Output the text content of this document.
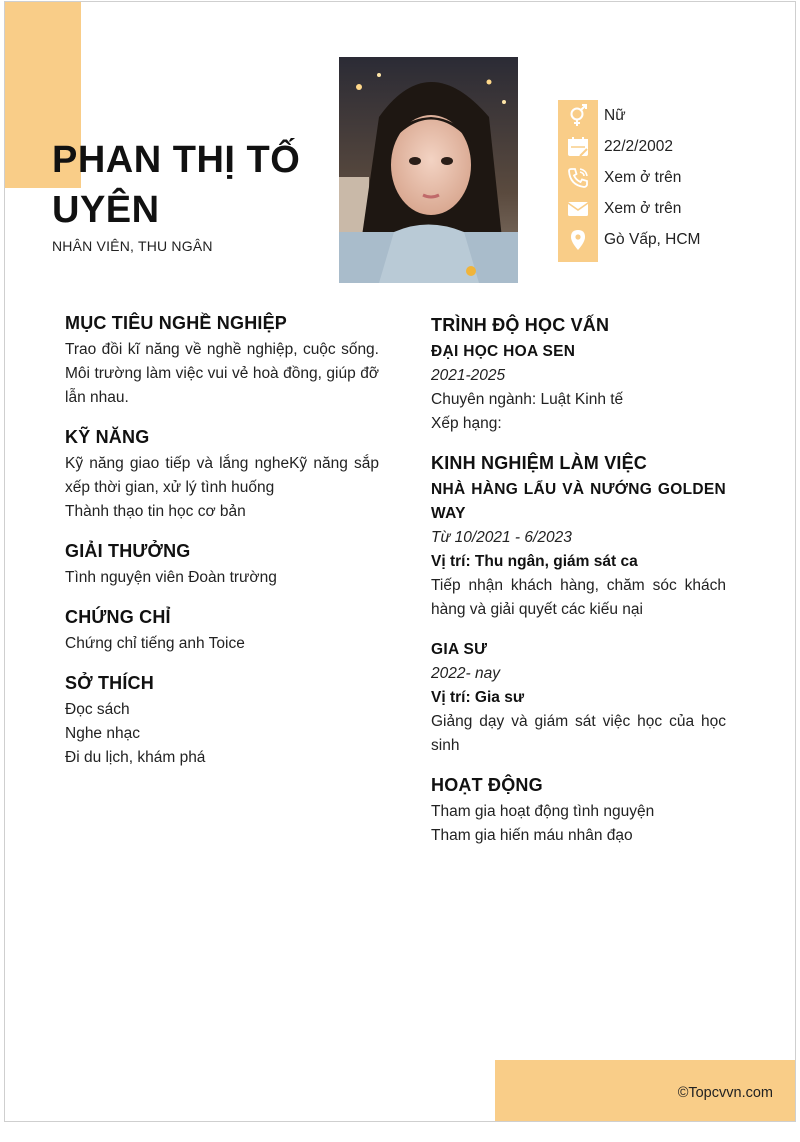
PHAN THỊ TỐ
UYÊN
NHÂN VIÊN, THU NGÂN
Nữ
22/2/2002
Xem ở trên
Xem ở trên
Gò Vấp, HCM
MỤC TIÊU NGHỀ NGHIỆP
Trao đồi kĩ năng về nghề nghiệp, cuộc sống. Môi trường làm việc vui vẻ hoà đồng, giúp đỡ lẫn nhau.
KỸ NĂNG
Kỹ năng giao tiếp và lắng ngheKỹ năng sắp xếp thời gian, xử lý tình huống
Thành thạo tin học cơ bản
GIẢI THƯỞNG
Tình nguyện viên Đoàn trường
CHỨNG CHỈ
Chứng chỉ tiếng anh Toice
SỞ THÍCH
Đọc sách
Nghe nhạc
Đi du lịch, khám phá
TRÌNH ĐỘ HỌC VẤN
ĐẠI HỌC HOA SEN
2021-2025
Chuyên ngành: Luật Kinh tế
Xếp hạng:
KINH NGHIỆM LÀM VIỆC
NHÀ HÀNG LẨU VÀ NƯỚNG GOLDEN WAY
Từ 10/2021 - 6/2023
Vị trí: Thu ngân, giám sát ca
Tiếp nhận khách hàng, chăm sóc khách hàng và giải quyết các kiếu nại
GIA SƯ
2022- nay
Vị trí: Gia sư
Giảng dạy và giám sát việc học của học sinh
HOẠT ĐỘNG
Tham gia hoạt động tình nguyện
Tham gia hiến máu nhân đạo
©Topcvvn.com
